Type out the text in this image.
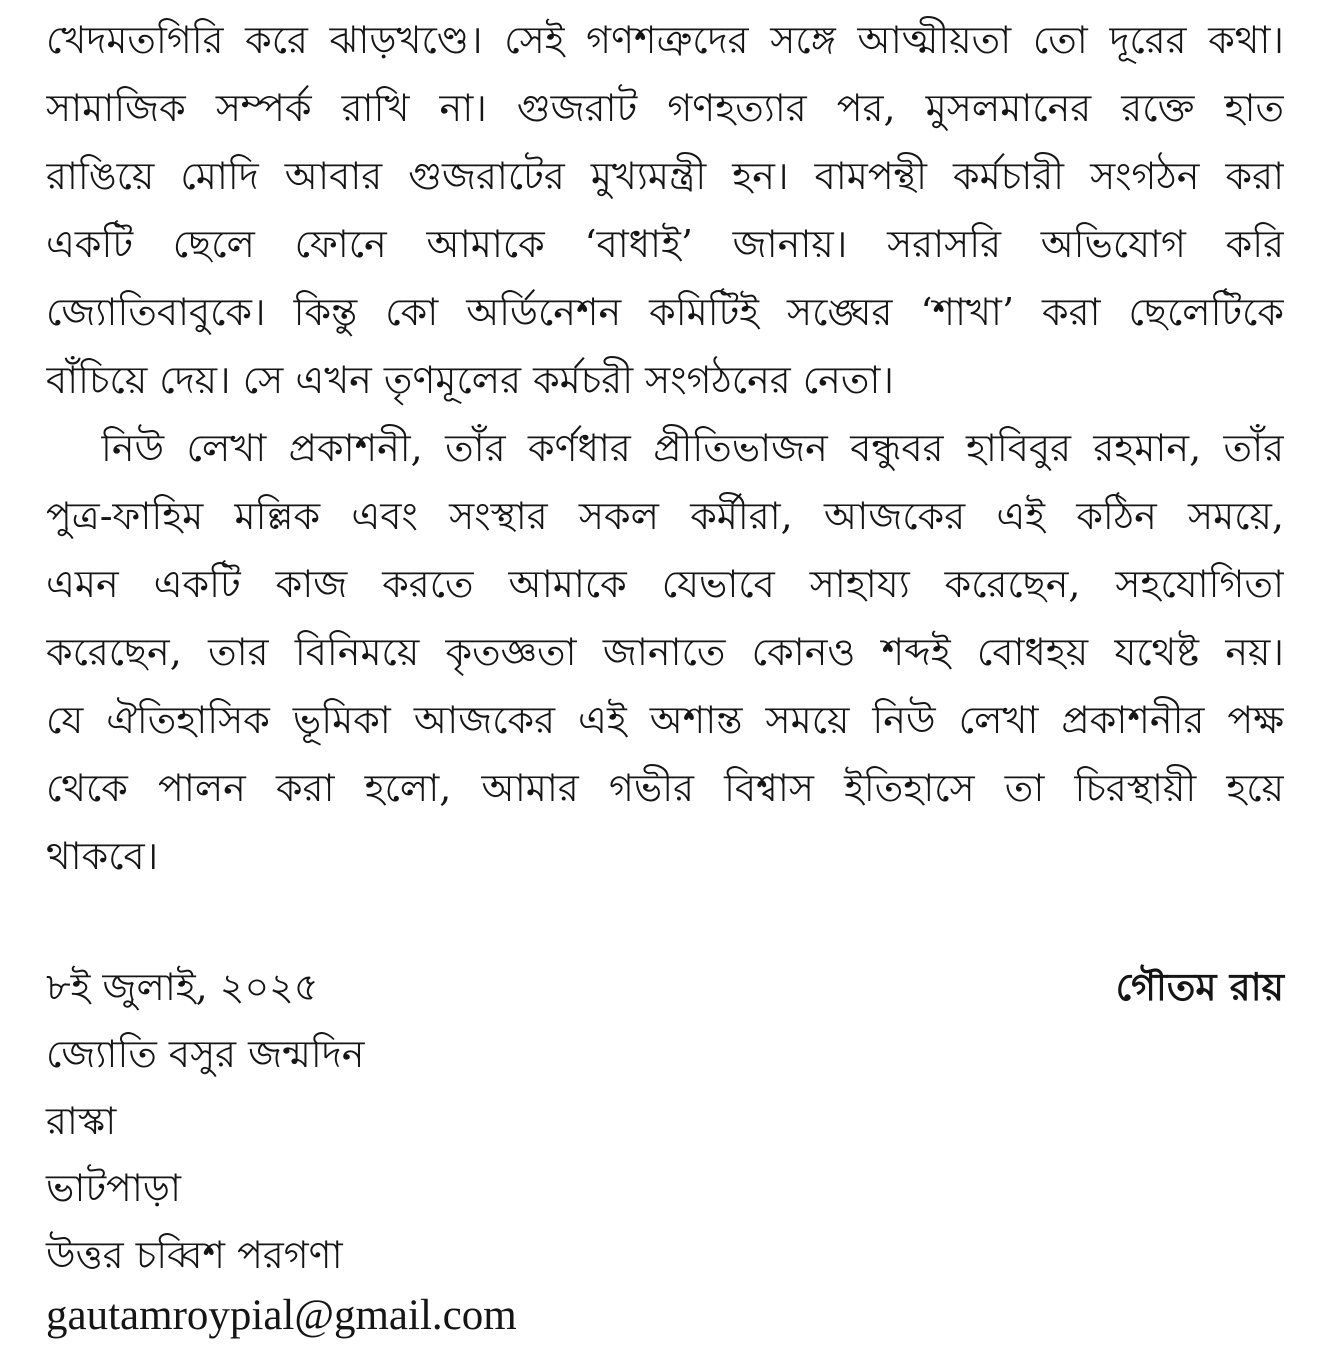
খেদমতগিরি করে ঝাড়খণ্ডে। সেই গণশত্রুদের সঙ্গে আত্মীয়তা তো দূরের কথা।
সামাজিক সম্পর্ক রাখি না। গুজরাট গণহত্যার পর, মুসলমানের রক্তে হাত
রাঙিয়ে মোদি আবার গুজরাটের মুখ্যমন্ত্রী হন। বামপন্থী কর্মচারী সংগঠন করা
একটি ছেলে ফোনে আমাকে ‘বাধাই’ জানায়। সরাসরি অভিযোগ করি
জ্যোতিবাবুকে। কিন্তু কো অর্ডিনেশন কমিটিই সঙ্ঘের ‘শাখা’ করা ছেলেটিকে
বাঁচিয়ে দেয়। সে এখন তৃণমূলের কর্মচরী সংগঠনের নেতা।
নিউ লেখা প্রকাশনী, তাঁর কর্ণধার প্রীতিভাজন বন্ধুবর হাবিবুর রহমান, তাঁর
পুত্র-ফাহিম মল্লিক এবং সংস্থার সকল কর্মীরা, আজকের এই কঠিন সময়ে,
এমন একটি কাজ করতে আমাকে যেভাবে সাহায্য করেছেন, সহযোগিতা
করেছেন, তার বিনিময়ে কৃতজ্ঞতা জানাতে কোনও শব্দই বোধহয় যথেষ্ট নয়।
যে ঐতিহাসিক ভূমিকা আজকের এই অশান্ত সময়ে নিউ লেখা প্রকাশনীর পক্ষ
থেকে পালন করা হলো, আমার গভীর বিশ্বাস ইতিহাসে তা চিরস্থায়ী হয়ে
থাকবে।
৮ই জুলাই, ২০২৫	গৌতম রায়
জ্যোতি বসুর জন্মদিন
রাস্কা
ভাটপাড়া
উত্তর চব্বিশ পরগণা
gautamroypial@gmail.com
